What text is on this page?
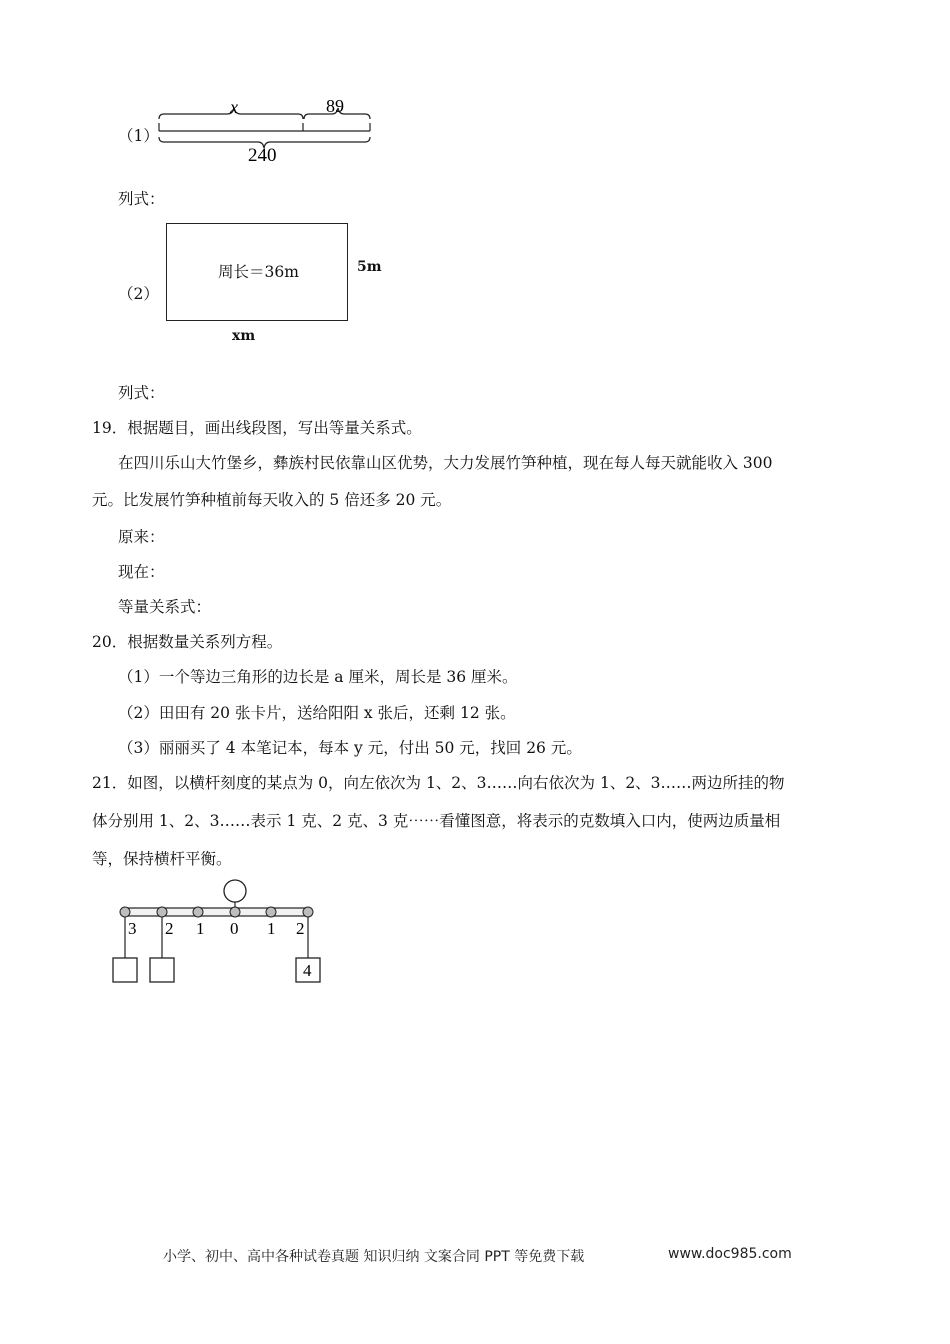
（1）
x	89
240
列式：
（2）
周长＝36m	5m
xm
列式：
19．根据题目，画出线段图，写出等量关系式。
在四川乐山大竹堡乡，彝族村民依靠山区优势，大力发展竹笋种植，现在每人每天就能收入 300
元。比发展竹笋种植前每天收入的 5 倍还多 20 元。
原来：
现在：
等量关系式：
20．根据数量关系列方程。
（1）一个等边三角形的边长是 a 厘米，周长是 36 厘米。
（2）田田有 20 张卡片，送给阳阳 x 张后，还剩 12 张。
（3）丽丽买了 4 本笔记本，每本 y 元，付出 50 元，找回 26 元。
21．如图，以横杆刻度的某点为 0，向左依次为 1、2、3……向右依次为 1、2、3……两边所挂的物
体分别用 1、2、3……表示 1 克、2 克、3 克⋯⋯看懂图意，将表示的克数填入口内，使两边质量相
等，保持横杆平衡。
3 2 1 0 1 2
4
小学、初中、高中各种试卷真题 知识归纳 文案合同 PPT 等免费下载	www.doc985.com
